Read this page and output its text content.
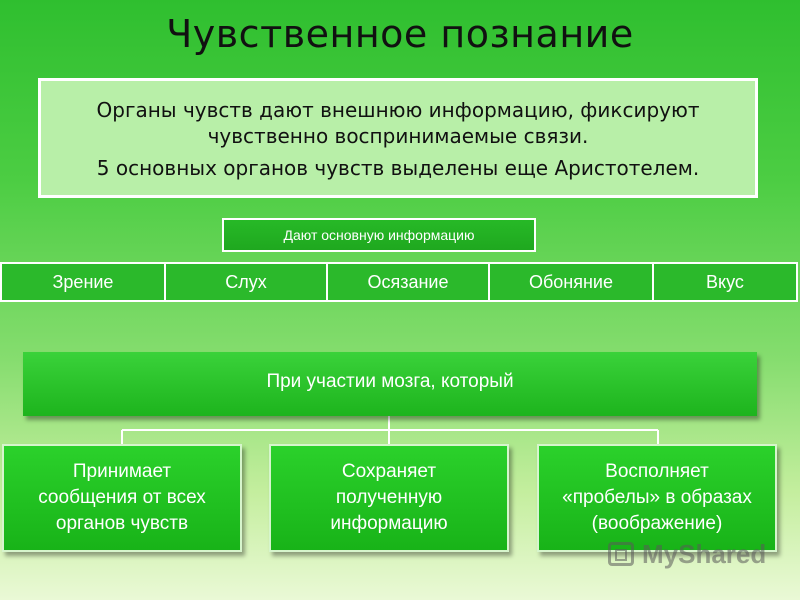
Чувственное познание

Органы чувств дают внешнюю информацию, фиксируют чувственно воспринимаемые связи.

5 основных органов чувств выделены еще Аристотелем.

Дают основную информацию
Зрение	Слух	Осязание	Обоняние	Вкус
При участии мозга, который
Принимает
сообщения от всех
органов чувств
Сохраняет
полученную
информацию
Восполняет
«пробелы» в образах
(воображение)
MyShared
